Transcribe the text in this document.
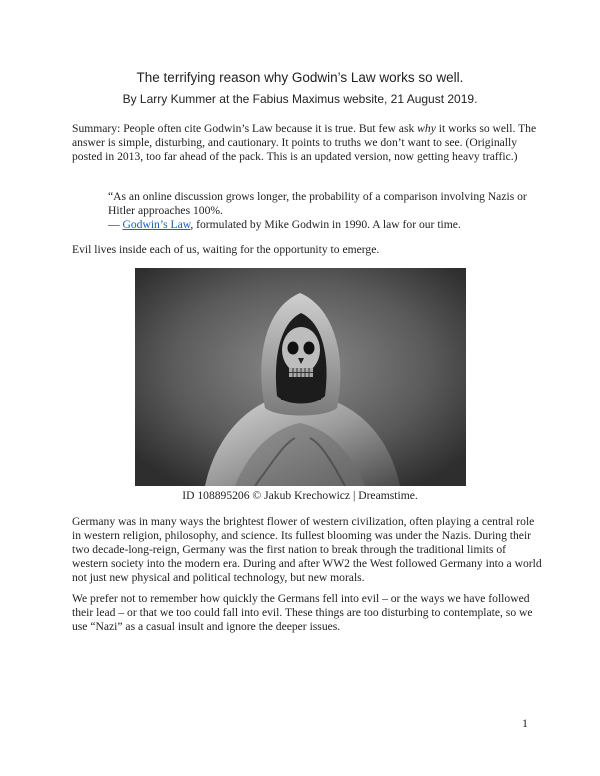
The terrifying reason why Godwin’s Law works so well.
By Larry Kummer at the Fabius Maximus website, 21 August 2019.

Summary: People often cite Godwin’s Law because it is true. But few ask why it works so well. The answer is simple, disturbing, and cautionary. It points to truths we don’t want to see. (Originally posted in 2013, too far ahead of the pack. This is an updated version, now getting heavy traffic.)

“As an online discussion grows longer, the probability of a comparison involving Nazis or Hitler approaches 100%.

— Godwin’s Law, formulated by Mike Godwin in 1990. A law for our time.

Evil lives inside each of us, waiting for the opportunity to emerge.

ID 108895206 © Jakub Krechowicz | Dreamstime.

Germany was in many ways the brightest flower of western civilization, often playing a central role in western religion, philosophy, and science. Its fullest blooming was under the Nazis. During their two decade-long-reign, Germany was the first nation to break through the traditional limits of western society into the modern era. During and after WW2 the West followed Germany into a world not just new physical and political technology, but new morals.

We prefer not to remember how quickly the Germans fell into evil – or the ways we have followed their lead – or that we too could fall into evil. These things are too disturbing to contemplate, so we use “Nazi” as a casual insult and ignore the deeper issues.

1
